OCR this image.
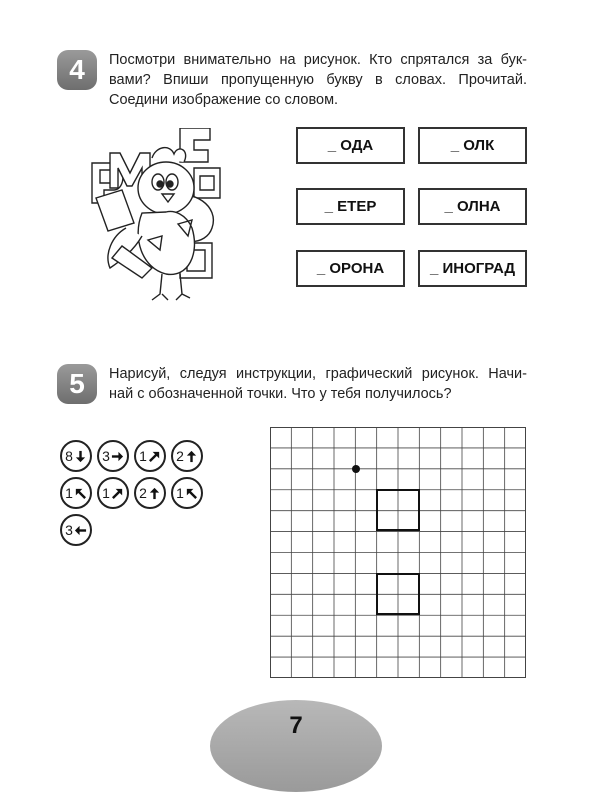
4	Посмотри внимательно на рисунок. Кто спрятался за бук-
вами? Впиши пропущенную букву в словах. Прочитай.
Соедини изображение со словом.
_ ОДА	_ ОЛК
_ ЕТЕР	_ ОЛНА
_ ОРОНА	_ ИНОГРАД
5	Нарисуй, следуя инструкции, графический рисунок. Начи-
най с обозначенной точки. Что у тебя получилось?
8 3 1 2
1 1 2 1
3
7
